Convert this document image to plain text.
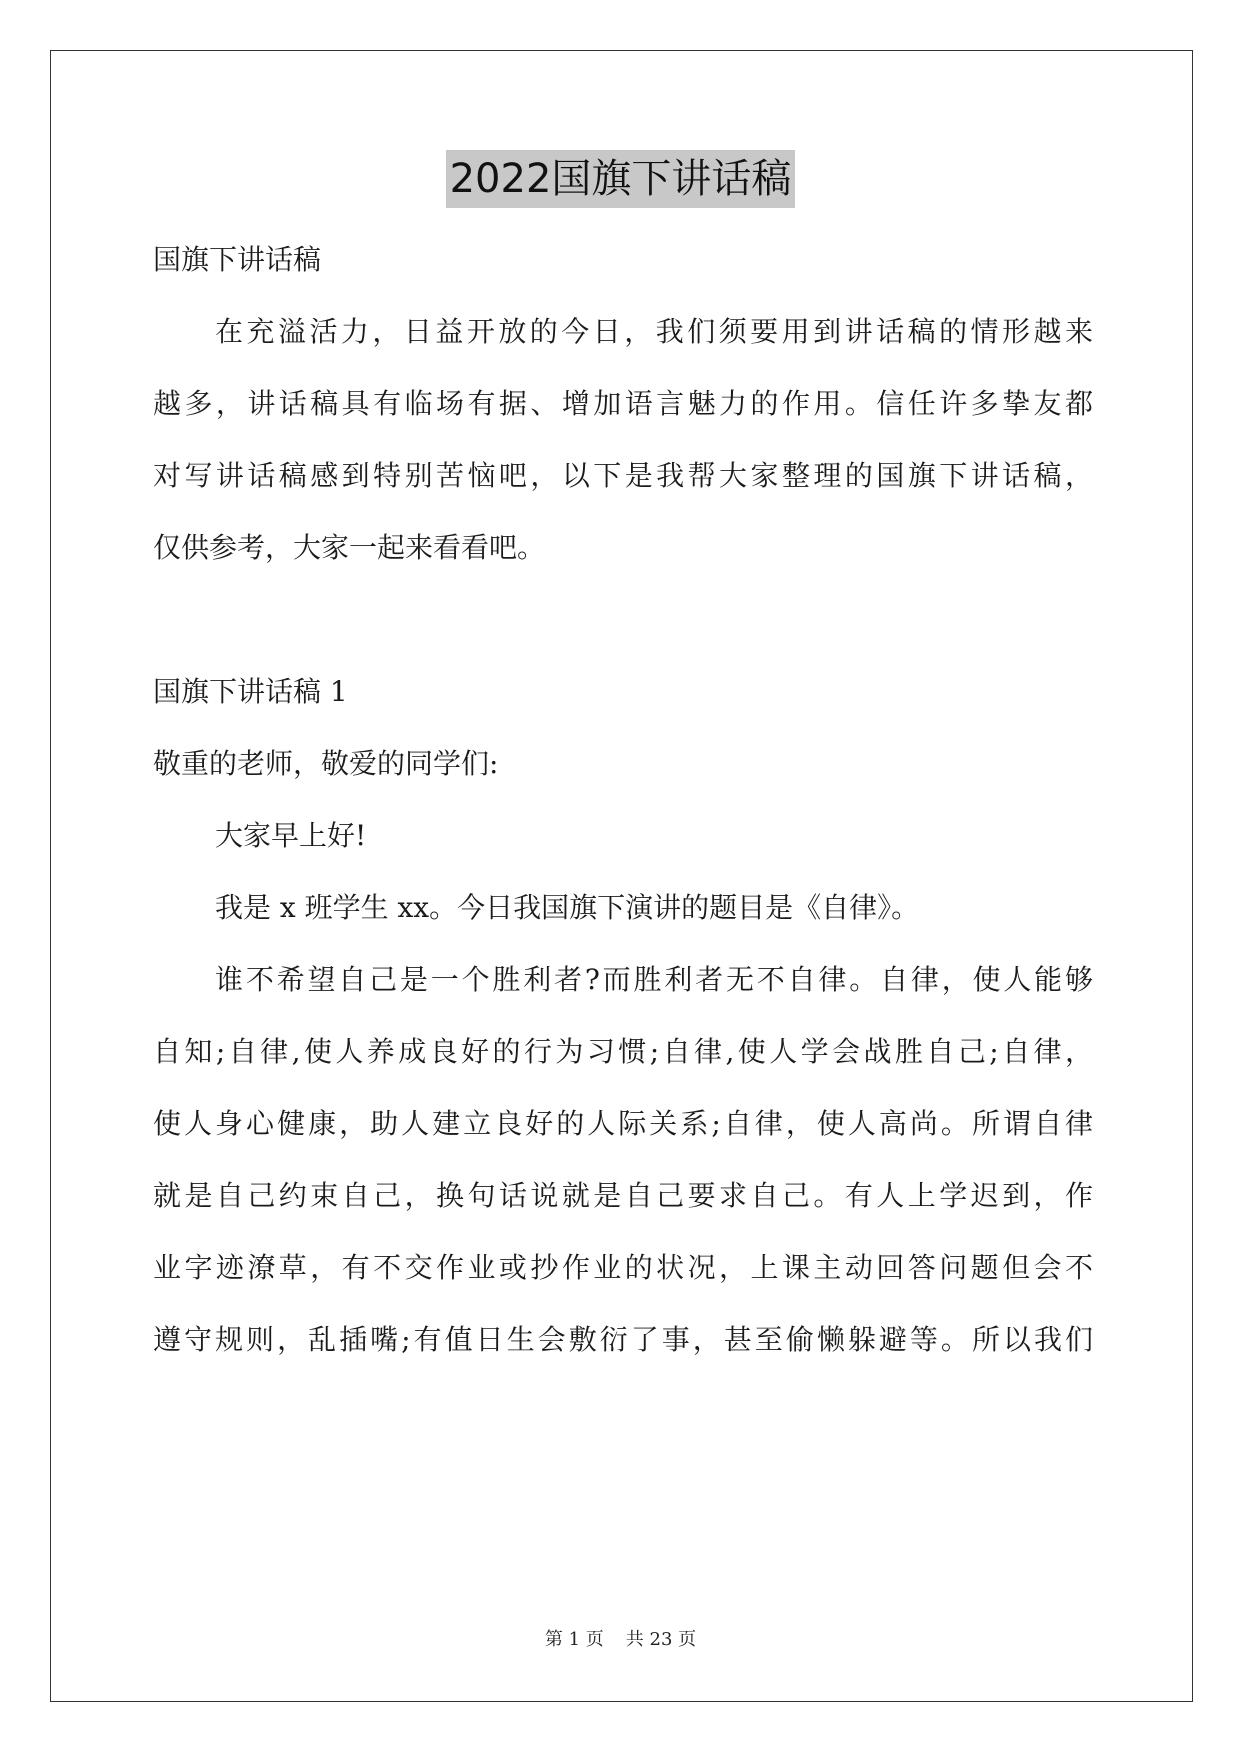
2022国旗下讲话稿
国旗下讲话稿
在充溢活力，日益开放的今日，我们须要用到讲话稿的情形越来
越多，讲话稿具有临场有据、增加语言魅力的作用。信任许多挚友都
对写讲话稿感到特别苦恼吧，以下是我帮大家整理的国旗下讲话稿，
仅供参考，大家一起来看看吧。
国旗下讲话稿 1
敬重的老师，敬爱的同学们:
大家早上好!
我是 x 班学生 xx。今日我国旗下演讲的题目是《自律》。
谁不希望自己是一个胜利者?而胜利者无不自律。自律，使人能够
自知;自律,使人养成良好的行为习惯;自律,使人学会战胜自己;自律，
使人身心健康，助人建立良好的人际关系;自律，使人高尚。所谓自律
就是自己约束自己，换句话说就是自己要求自己。有人上学迟到，作
业字迹潦草，有不交作业或抄作业的状况，上课主动回答问题但会不
遵守规则，乱插嘴;有值日生会敷衍了事，甚至偷懒躲避等。所以我们
第 1 页 共 23 页
